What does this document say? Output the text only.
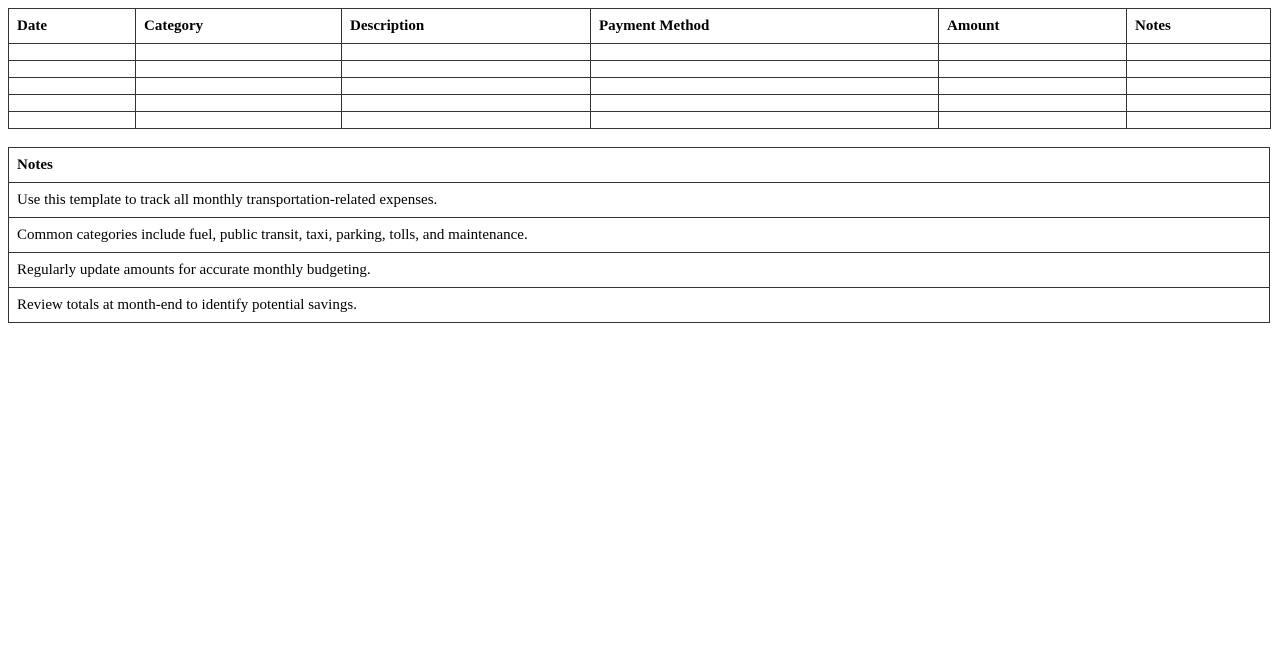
Date	Category	Description	Payment Method	Amount	Notes

Notes
Use this template to track all monthly transportation-related expenses.
Common categories include fuel, public transit, taxi, parking, tolls, and maintenance.
Regularly update amounts for accurate monthly budgeting.
Review totals at month-end to identify potential savings.
